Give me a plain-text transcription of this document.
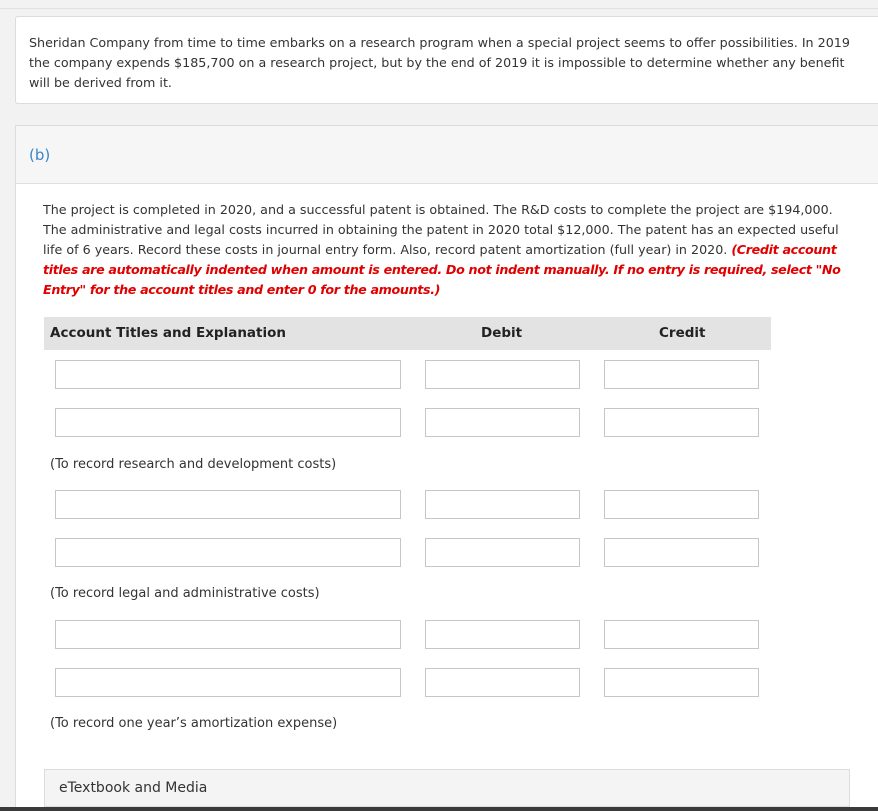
Sheridan Company from time to time embarks on a research program when a special project seems to offer possibilities. In 2019 the company expends $185,700 on a research project, but by the end of 2019 it is impossible to determine whether any benefit will be derived from it.
(b)
The project is completed in 2020, and a successful patent is obtained. The R&D costs to complete the project are $194,000. The administrative and legal costs incurred in obtaining the patent in 2020 total $12,000. The patent has an expected useful life of 6 years. Record these costs in journal entry form. Also, record patent amortization (full year) in 2020. (Credit account titles are automatically indented when amount is entered. Do not indent manually. If no entry is required, select "No Entry" for the account titles and enter 0 for the amounts.)
Account Titles and Explanation	Debit	Credit
(To record research and development costs)
(To record legal and administrative costs)
(To record one year’s amortization expense)
eTextbook and Media
